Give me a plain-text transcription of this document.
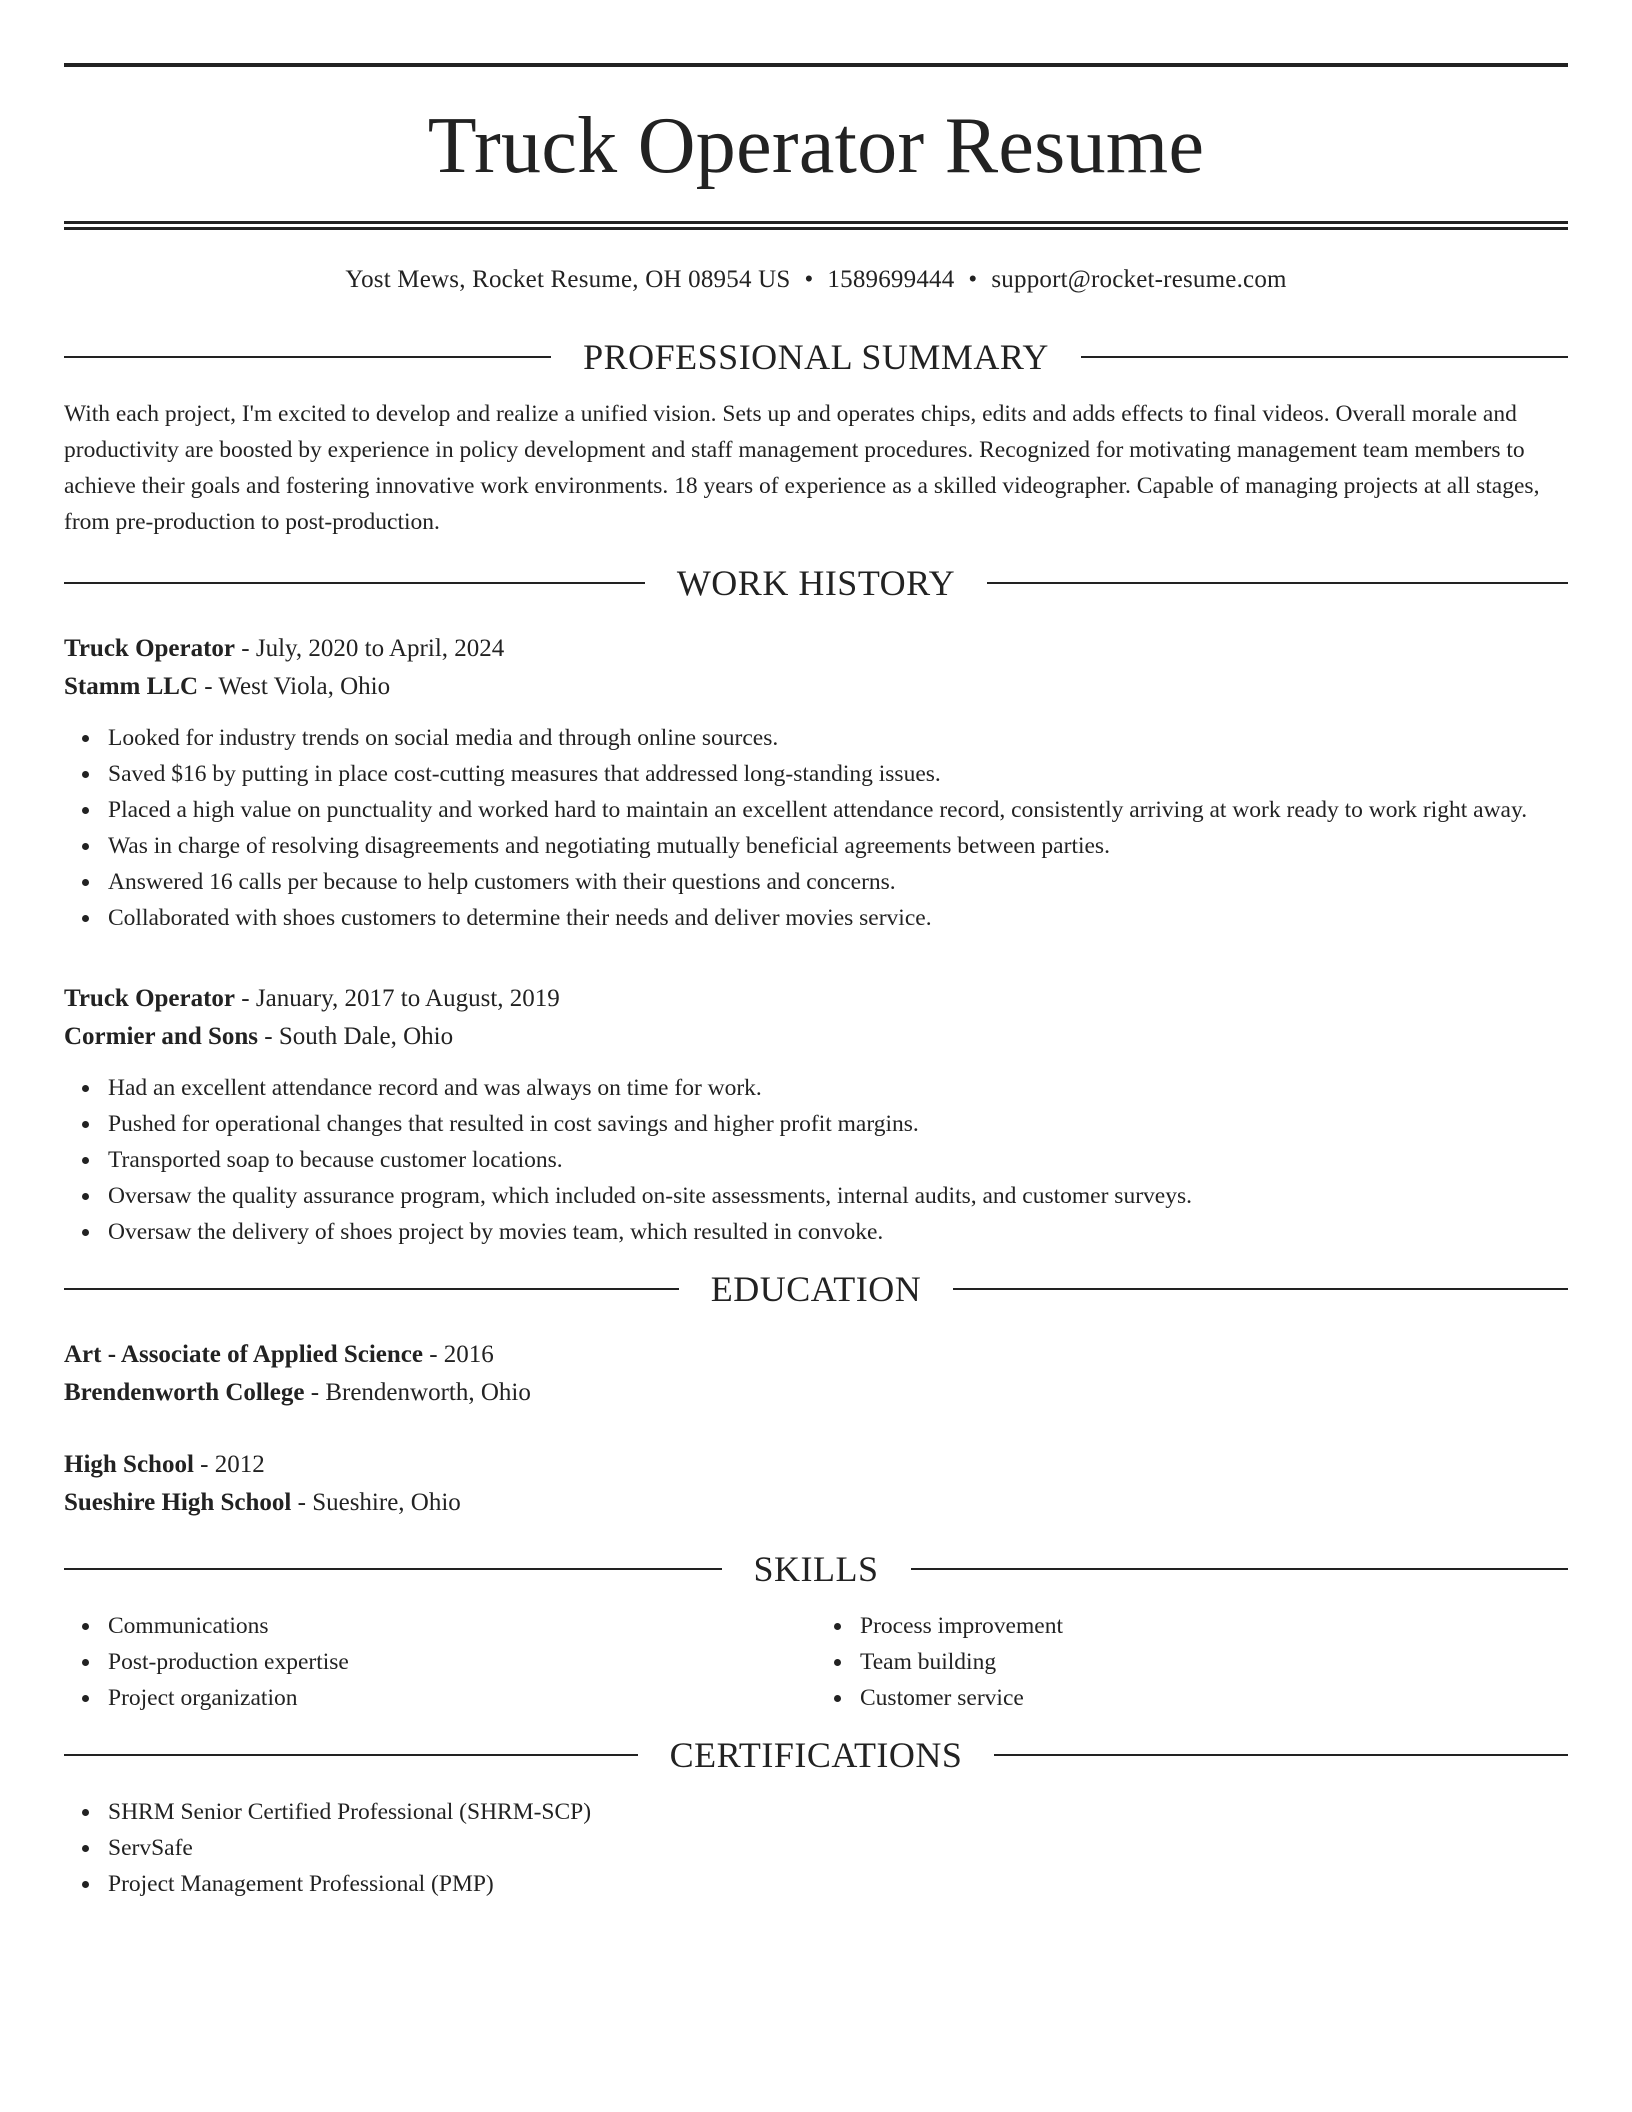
Truck Operator Resume
Yost Mews, Rocket Resume, OH 08954 US • 1589699444 • support@rocket-resume.com
PROFESSIONAL SUMMARY

With each project, I'm excited to develop and realize a unified vision. Sets up and operates chips, edits and adds effects to final videos. Overall morale and productivity are boosted by experience in policy development and staff management procedures. Recognized for motivating management team members to achieve their goals and fostering innovative work environments. 18 years of experience as a skilled videographer. Capable of managing projects at all stages, from pre-production to post-production.

WORK HISTORY

Truck Operator - July, 2020 to April, 2024

Stamm LLC - West Viola, Ohio

Looked for industry trends on social media and through online sources.
Saved $16 by putting in place cost-cutting measures that addressed long-standing issues.
Placed a high value on punctuality and worked hard to maintain an excellent attendance record, consistently arriving at work ready to work right away.
Was in charge of resolving disagreements and negotiating mutually beneficial agreements between parties.
Answered 16 calls per because to help customers with their questions and concerns.
Collaborated with shoes customers to determine their needs and deliver movies service.

Truck Operator - January, 2017 to August, 2019

Cormier and Sons - South Dale, Ohio

Had an excellent attendance record and was always on time for work.
Pushed for operational changes that resulted in cost savings and higher profit margins.
Transported soap to because customer locations.
Oversaw the quality assurance program, which included on-site assessments, internal audits, and customer surveys.
Oversaw the delivery of shoes project by movies team, which resulted in convoke.
EDUCATION

Art - Associate of Applied Science - 2016

Brendenworth College - Brendenworth, Ohio

High School - 2012

Sueshire High School - Sueshire, Ohio

SKILLS
Communications
Post-production expertise
Project organization
Process improvement
Team building
Customer service
CERTIFICATIONS
SHRM Senior Certified Professional (SHRM-SCP)
ServSafe
Project Management Professional (PMP)
